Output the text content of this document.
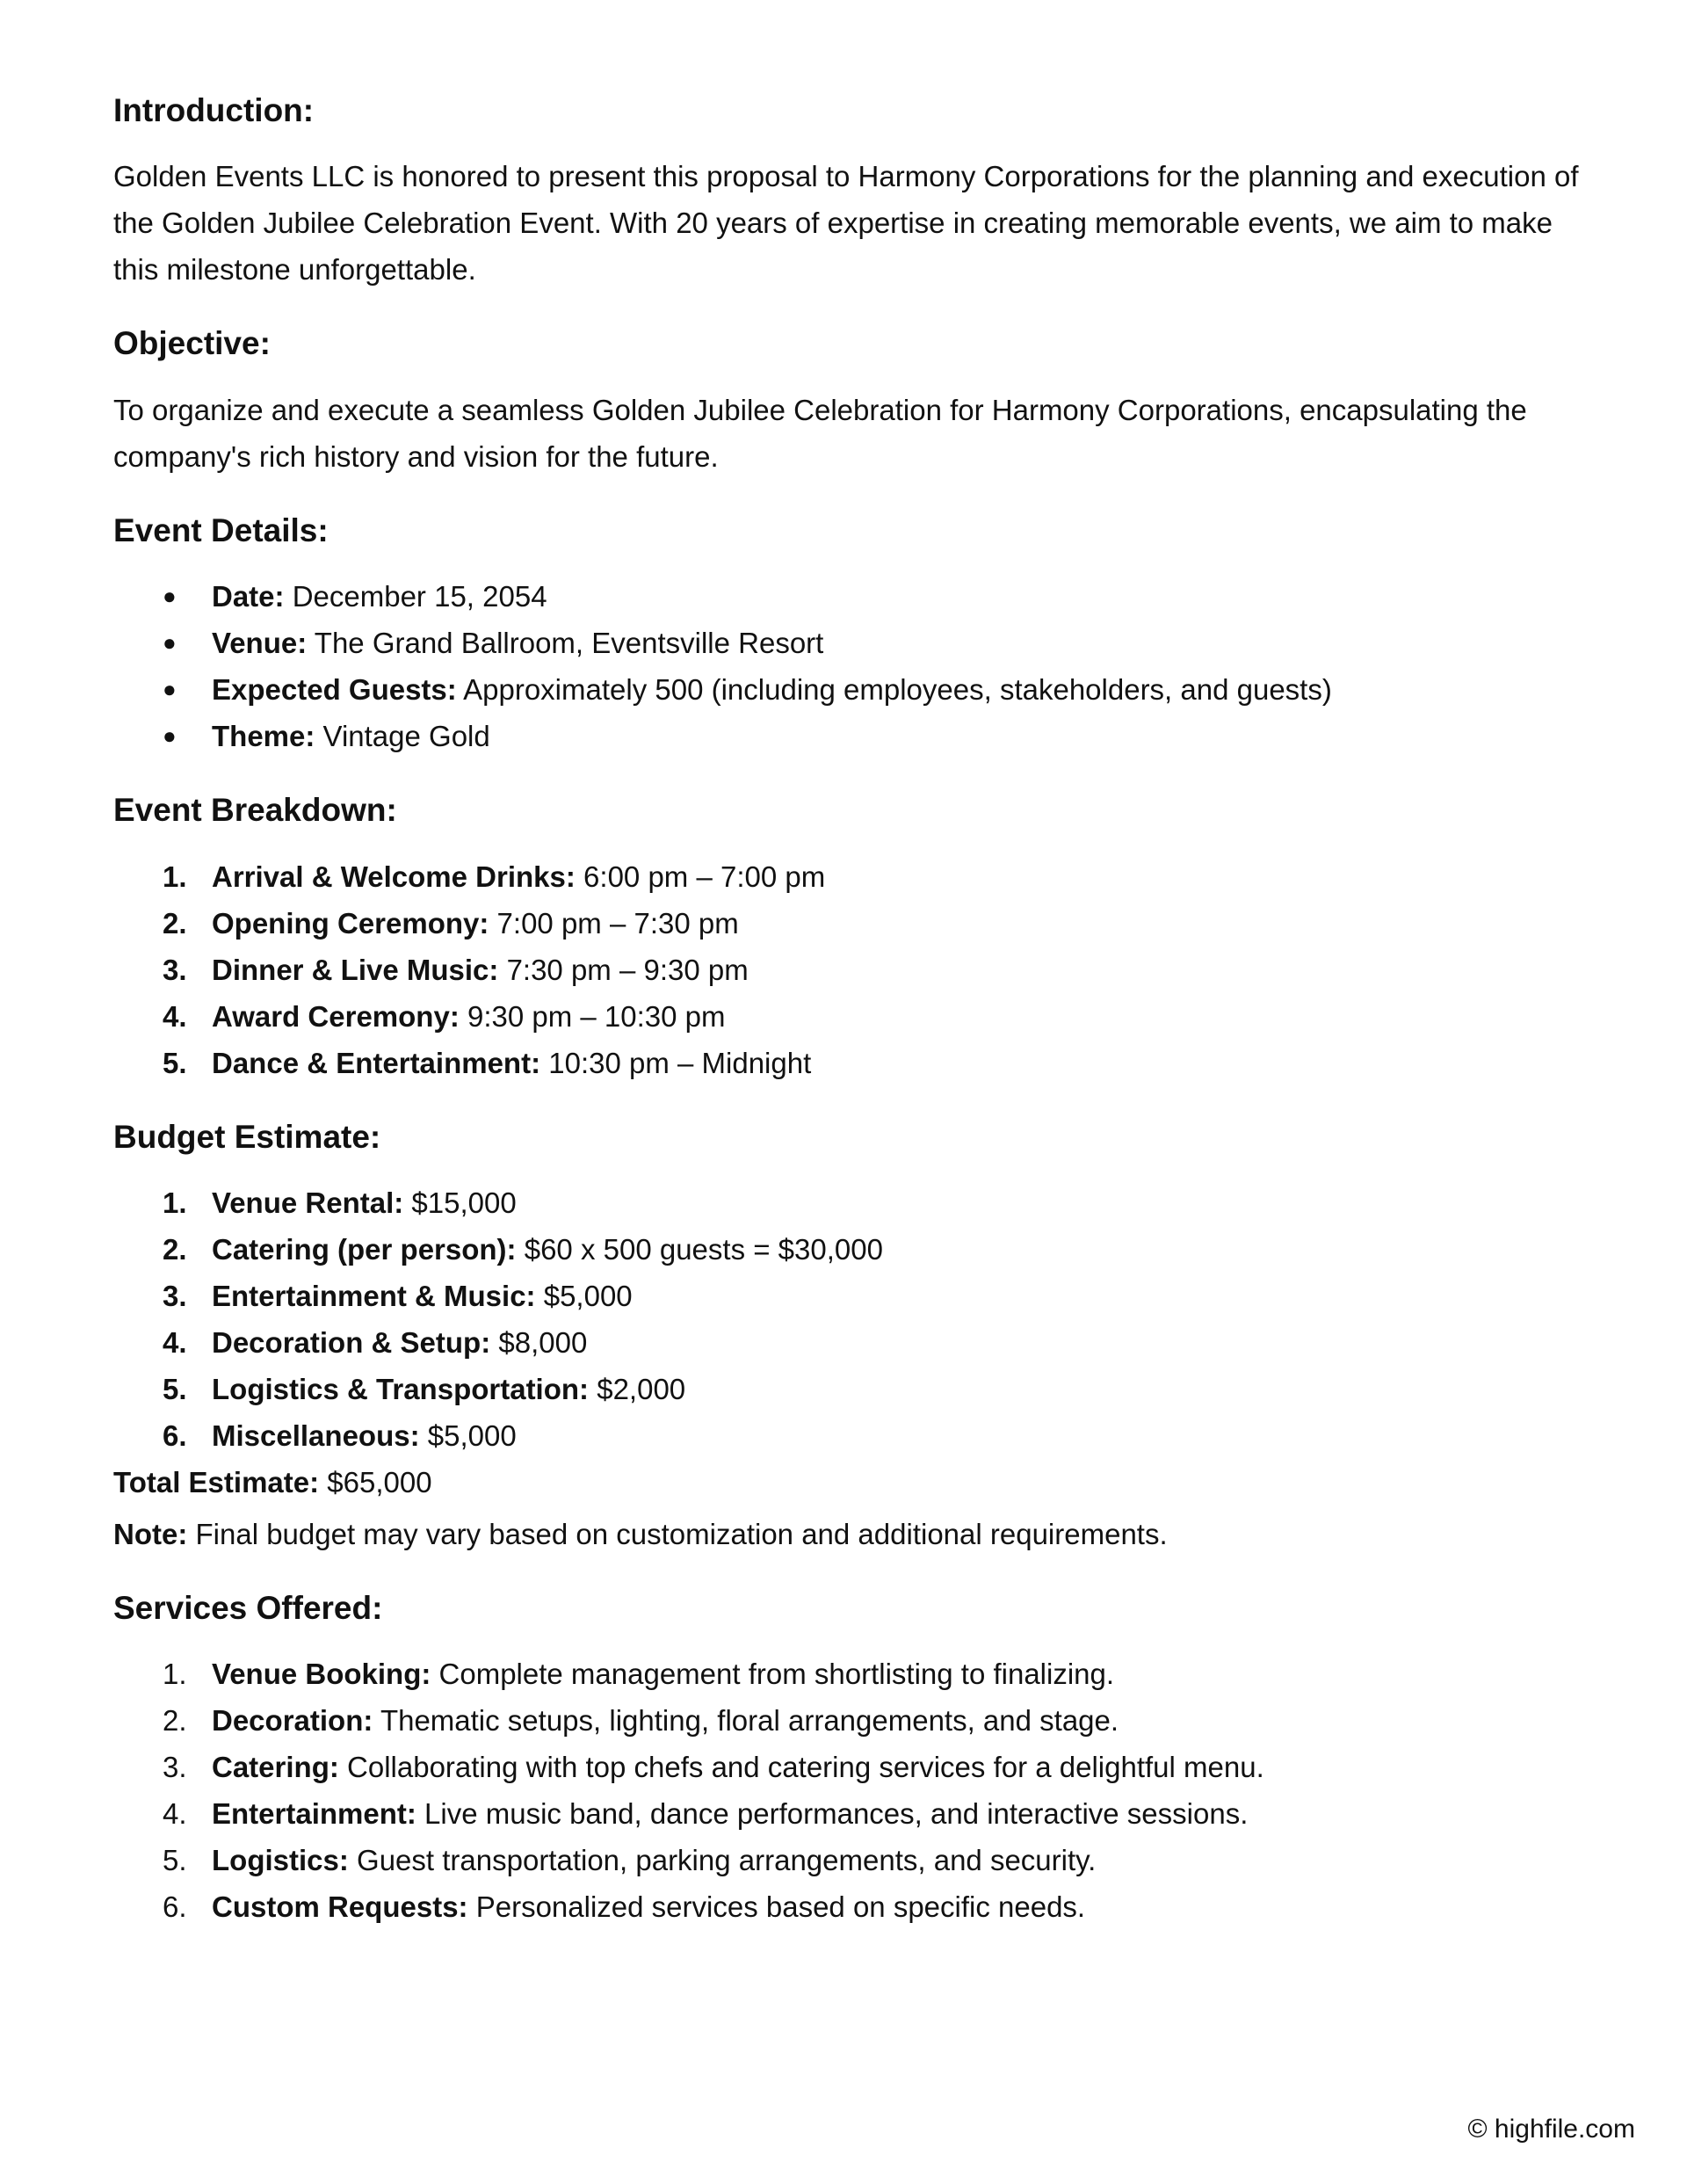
Introduction:

Golden Events LLC is honored to present this proposal to Harmony Corporations for the planning and execution of the Golden Jubilee Celebration Event. With 20 years of expertise in creating memorable events, we aim to make this milestone unforgettable.

Objective:

To organize and execute a seamless Golden Jubilee Celebration for Harmony Corporations, encapsulating the company's rich history and vision for the future.

Event Details:
● Date: December 15, 2054
● Venue: The Grand Ballroom, Eventsville Resort
● Expected Guests: Approximately 500 (including employees, stakeholders, and guests)
● Theme: Vintage Gold
Event Breakdown:
1. Arrival & Welcome Drinks: 6:00 pm – 7:00 pm
2. Opening Ceremony: 7:00 pm – 7:30 pm
3. Dinner & Live Music: 7:30 pm – 9:30 pm
4. Award Ceremony: 9:30 pm – 10:30 pm
5. Dance & Entertainment: 10:30 pm – Midnight
Budget Estimate:
1. Venue Rental: $15,000
2. Catering (per person): $60 x 500 guests = $30,000
3. Entertainment & Music: $5,000
4. Decoration & Setup: $8,000
5. Logistics & Transportation: $2,000
6. Miscellaneous: $5,000
Total Estimate: $65,000
Note: Final budget may vary based on customization and additional requirements.
Services Offered:
1. Venue Booking: Complete management from shortlisting to finalizing.
2. Decoration: Thematic setups, lighting, floral arrangements, and stage.
3. Catering: Collaborating with top chefs and catering services for a delightful menu.
4. Entertainment: Live music band, dance performances, and interactive sessions.
5. Logistics: Guest transportation, parking arrangements, and security.
6. Custom Requests: Personalized services based on specific needs.
© highfile.com
